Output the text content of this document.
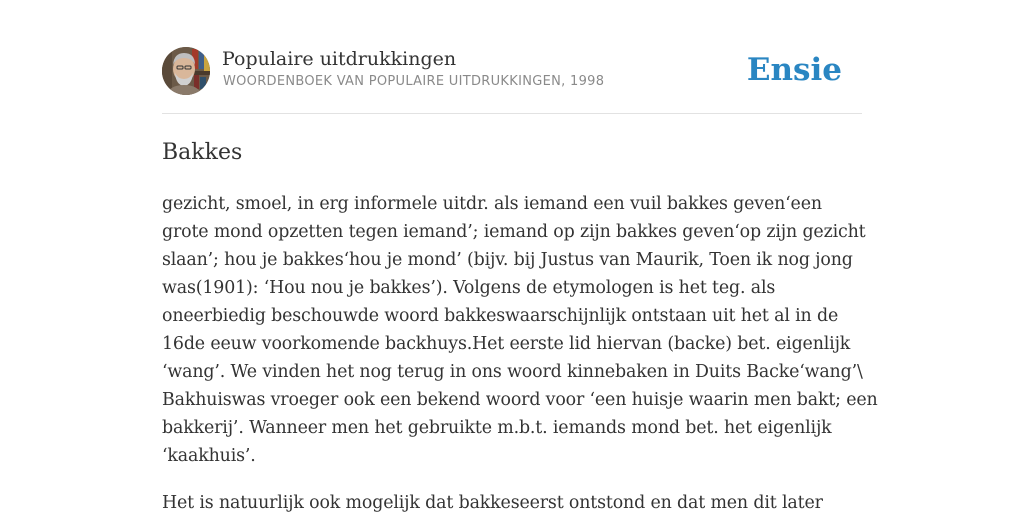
Populaire uitdrukkingen
WOORDENBOEK VAN POPULAIRE UITDRUKKINGEN, 1998	Ensie
Bakkes

gezicht, smoel, in erg informele uitdr. als iemand een vuil bakkes geven‘een
grote mond opzetten tegen iemand’; iemand op zijn bakkes geven‘op zijn gezicht
slaan’; hou je bakkes‘hou je mond’ (bijv. bij Justus van Maurik, Toen ik nog jong
was(1901): ‘Hou nou je bakkes’). Volgens de etymologen is het teg. als
oneerbiedig beschouwde woord bakkeswaarschijnlijk ontstaan uit het al in de
16de eeuw voorkomende backhuys.Het eerste lid hiervan (backe) bet. eigenlijk
‘wang’. We vinden het nog terug in ons woord kinnebaken in Duits Backe‘wang’\
Bakhuiswas vroeger ook een bekend woord voor ‘een huisje waarin men bakt; een
bakkerij’. Wanneer men het gebruikte m.b.t. iemands mond bet. het eigenlijk
‘kaakhuis’.

Het is natuurlijk ook mogelijk dat bakkeseerst ontstond en dat men dit later
